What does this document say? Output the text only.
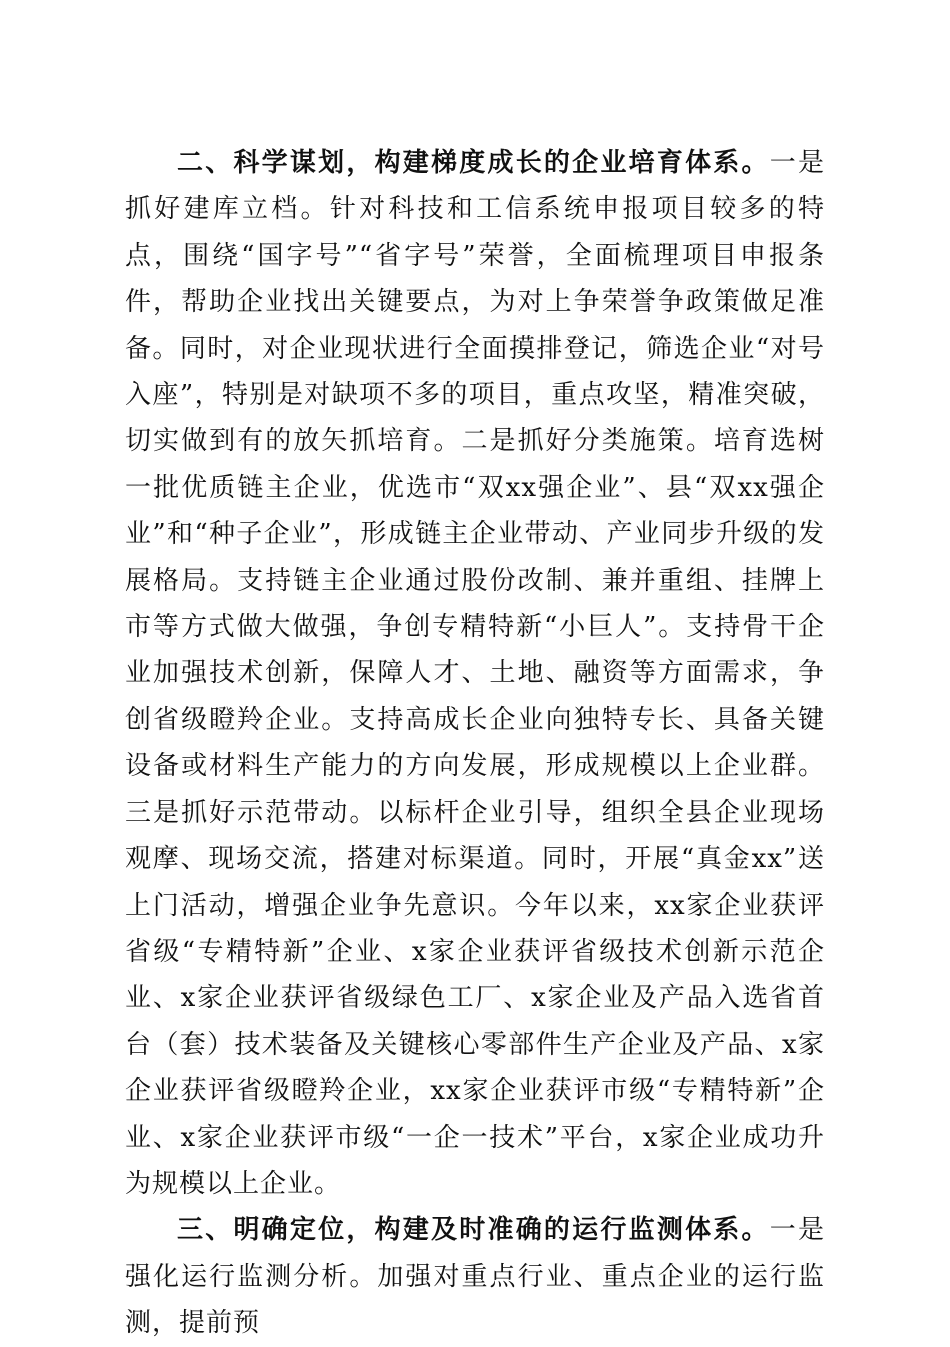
二、科学谋划，构建梯度成长的企业培育体系。一是抓好建库立档。针对科技和工信系统申报项目较多的特点，围绕“国字号”“省字号”荣誉，全面梳理项目申报条件，帮助企业找出关键要点，为对上争荣誉争政策做足准备。同时，对企业现状进行全面摸排登记，筛选企业“对号入座”，特别是对缺项不多的项目，重点攻坚，精准突破，切实做到有的放矢抓培育。二是抓好分类施策。培育选树一批优质链主企业，优选市“双xx强企业”、县“双xx强企业”和“种子企业”，形成链主企业带动、产业同步升级的发展格局。支持链主企业通过股份改制、兼并重组、挂牌上市等方式做大做强，争创专精特新“小巨人”。支持骨干企业加强技术创新，保障人才、土地、融资等方面需求，争创省级瞪羚企业。支持高成长企业向独特专长、具备关键设备或材料生产能力的方向发展，形成规模以上企业群。三是抓好示范带动。以标杆企业引导，组织全县企业现场观摩、现场交流，搭建对标渠道。同时，开展“真金xx”送上门活动，增强企业争先意识。今年以来，xx家企业获评省级“专精特新”企业、x家企业获评省级技术创新示范企业、x家企业获评省级绿色工厂、x家企业及产品入选省首台（套）技术装备及关键核心零部件生产企业及产品、x家企业获评省级瞪羚企业，xx家企业获评市级“专精特新”企业、x家企业获评市级“一企一技术”平台，x家企业成功升为规模以上企业。

三、明确定位，构建及时准确的运行监测体系。一是强化运行监测分析。加强对重点行业、重点企业的运行监测，提前预
